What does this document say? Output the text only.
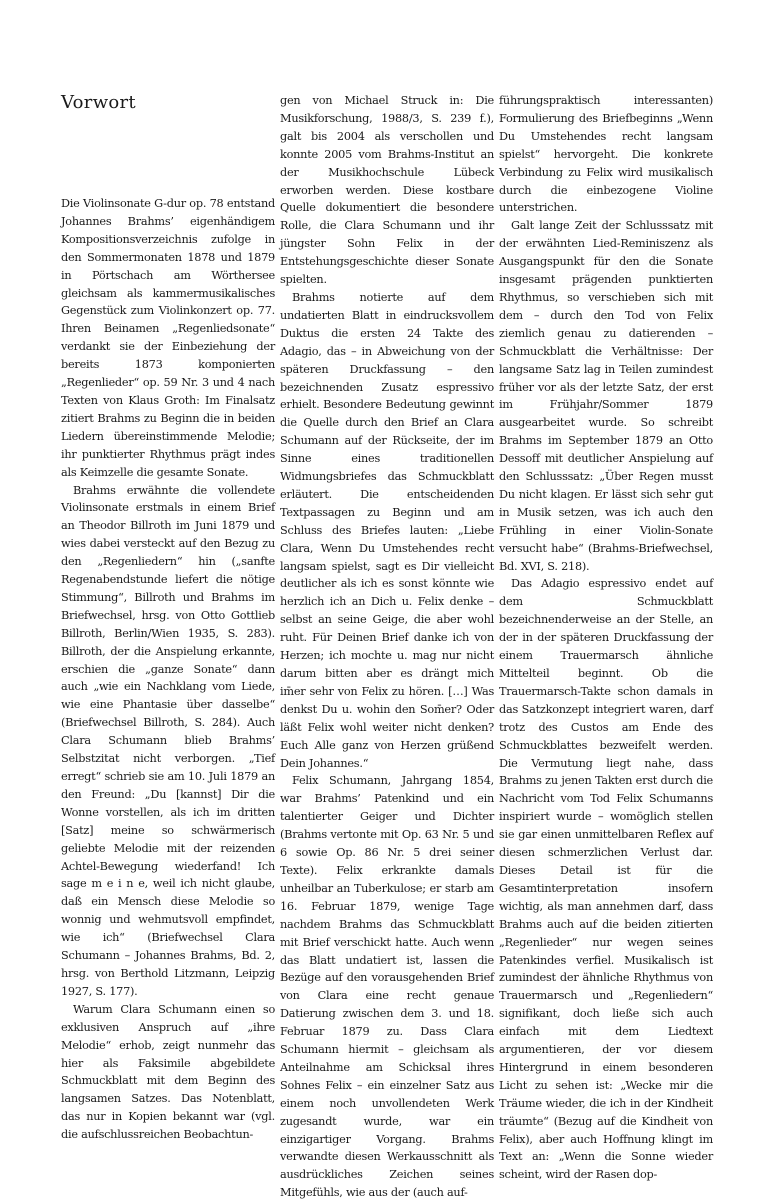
Vorwort

Die Violinsonate G-dur op. 78 entstand Johannes Brahms’ eigenhändigem Kompositionsverzeichnis zufolge in den Sommermonaten 1878 und 1879 in Pörtschach am Wörthersee gleichsam als kammermusikalisches Gegenstück zum Violinkonzert op. 77. Ihren Beinamen „Regenliedsonate“ verdankt sie der Einbeziehung der bereits 1873 komponierten „Regenlieder“ op. 59 Nr. 3 und 4 nach Texten von Klaus Groth: Im Finalsatz zitiert Brahms zu Beginn die in beiden Liedern übereinstimmende Melodie; ihr punktierter Rhythmus prägt indes als Keimzelle die gesamte Sonate.

Brahms erwähnte die vollendete Violinsonate erstmals in einem Brief an Theodor Billroth im Juni 1879 und wies dabei versteckt auf den Bezug zu den „Regenliedern“ hin („sanfte Regenabendstunde liefert die nötige Stimmung“, Billroth und Brahms im Briefwechsel, hrsg. von Otto Gottlieb Billroth, Berlin/Wien 1935, S. 283). Billroth, der die Anspielung erkannte, erschien die „ganze Sonate“ dann auch „wie ein Nachklang vom Liede, wie eine Phantasie über dasselbe“ (Briefwechsel Billroth, S. 284). Auch Clara Schumann blieb Brahms’ Selbstzitat nicht verborgen. „Tief erregt“ schrieb sie am 10. Juli 1879 an den Freund: „Du [kannst] Dir die Wonne vorstellen, als ich im dritten [Satz] meine so schwärmerisch geliebte Melodie mit der reizenden Achtel-Bewegung wiederfand! Ich sage m e i n e, weil ich nicht glaube, daß ein Mensch diese Melodie so wonnig und wehmutsvoll empfindet, wie ich“ (Briefwechsel Clara Schumann – Johannes Brahms, Bd. 2, hrsg. von Berthold Litzmann, Leipzig 1927, S. 177).

Warum Clara Schumann einen so exklusiven Anspruch auf „ihre Melodie“ erhob, zeigt nunmehr das hier als Faksimile abgebildete Schmuckblatt mit dem Beginn des langsamen Satzes. Das Notenblatt, das nur in Kopien bekannt war (vgl. die aufschlussreichen Beobachtun-

gen von Michael Struck in: Die Musikforschung, 1988/3, S. 239 f.), galt bis 2004 als verschollen und konnte 2005 vom Brahms-Institut an der Musikhochschule Lübeck erworben werden. Diese kostbare Quelle dokumentiert die besondere Rolle, die Clara Schumann und ihr jüngster Sohn Felix in der Entstehungsgeschichte dieser Sonate spielten.

Brahms notierte auf dem undatierten Blatt in eindrucksvollem Duktus die ersten 24 Takte des Adagio, das – in Abweichung von der späteren Druckfassung – den bezeichnenden Zusatz espressivo erhielt. Besondere Bedeutung gewinnt die Quelle durch den Brief an Clara Schumann auf der Rückseite, der im Sinne eines traditionellen Widmungsbriefes das Schmuckblatt erläutert. Die entscheidenden Textpassagen zu Beginn und am Schluss des Briefes lauten: „Liebe Clara, Wenn Du Umstehendes recht langsam spielst, sagt es Dir vielleicht deutlicher als ich es sonst könnte wie herzlich ich an Dich u. Felix denke – selbst an seine Geige, die aber wohl ruht. Für Deinen Brief danke ich von Herzen; ich mochte u. mag nur nicht darum bitten aber es drängt mich im̄er sehr von Felix zu hören. […] Was denkst Du u. wohin den Som̄er? Oder läßt Felix wohl weiter nicht denken? Euch Alle ganz von Herzen grüßend Dein Johannes.“

Felix Schumann, Jahrgang 1854, war Brahms’ Patenkind und ein talentierter Geiger und Dichter (Brahms vertonte mit Op. 63 Nr. 5 und 6 sowie Op. 86 Nr. 5 drei seiner Texte). Felix erkrankte damals unheilbar an Tuberkulose; er starb am 16. Februar 1879, wenige Tage nachdem Brahms das Schmuckblatt mit Brief verschickt hatte. Auch wenn das Blatt undatiert ist, lassen die Bezüge auf den vorausgehenden Brief von Clara eine recht genaue Datierung zwischen dem 3. und 18. Februar 1879 zu. Dass Clara Schumann hiermit – gleichsam als Anteilnahme am Schicksal ihres Sohnes Felix – ein einzelner Satz aus einem noch unvollendeten Werk zugesandt wurde, war ein einzigartiger Vorgang. Brahms verwandte diesen Werkausschnitt als ausdrückliches Zeichen seines Mitgefühls, wie aus der (auch auf-

führungspraktisch interessanten) Formulierung des Briefbeginns „Wenn Du Umstehendes recht langsam spielst“ hervorgeht. Die konkrete Verbindung zu Felix wird musikalisch durch die einbezogene Violine unterstrichen.

Galt lange Zeit der Schlusssatz mit der erwähnten Lied-Reminiszenz als Ausgangspunkt für den die Sonate insgesamt prägenden punktierten Rhythmus, so verschieben sich mit dem – durch den Tod von Felix ziemlich genau zu datierenden – Schmuckblatt die Verhältnisse: Der langsame Satz lag in Teilen zumindest früher vor als der letzte Satz, der erst im Frühjahr/Sommer 1879 ausgearbeitet wurde. So schreibt Brahms im September 1879 an Otto Dessoff mit deutlicher Anspielung auf den Schlusssatz: „Über Regen musst Du nicht klagen. Er lässt sich sehr gut in Musik setzen, was ich auch den Frühling in einer Violin-Sonate versucht habe“ (Brahms-Briefwechsel, Bd. XVI, S. 218).

Das Adagio espressivo endet auf dem Schmuckblatt bezeichnenderweise an der Stelle, an der in der späteren Druckfassung der einem Trauermarsch ähnliche Mittelteil beginnt. Ob die Trauermarsch-Takte schon damals in das Satzkonzept integriert waren, darf trotz des Custos am Ende des Schmuckblattes bezweifelt werden. Die Vermutung liegt nahe, dass Brahms zu jenen Takten erst durch die Nachricht vom Tod Felix Schumanns inspiriert wurde – womöglich stellen sie gar einen unmittelbaren Reflex auf diesen schmerzlichen Verlust dar. Dieses Detail ist für die Gesamtinterpretation insofern wichtig, als man annehmen darf, dass Brahms auch auf die beiden zitierten „Regenlieder“ nur wegen seines Patenkindes verfiel. Musikalisch ist zumindest der ähnliche Rhythmus von Trauermarsch und „Regenliedern“ signifikant, doch ließe sich auch einfach mit dem Liedtext argumentieren, der vor diesem Hintergrund in einem besonderen Licht zu sehen ist: „Wecke mir die Träume wieder, die ich in der Kindheit träumte“ (Bezug auf die Kindheit von Felix), aber auch Hoffnung klingt im Text an: „Wenn die Sonne wieder scheint, wird der Rasen dop-
